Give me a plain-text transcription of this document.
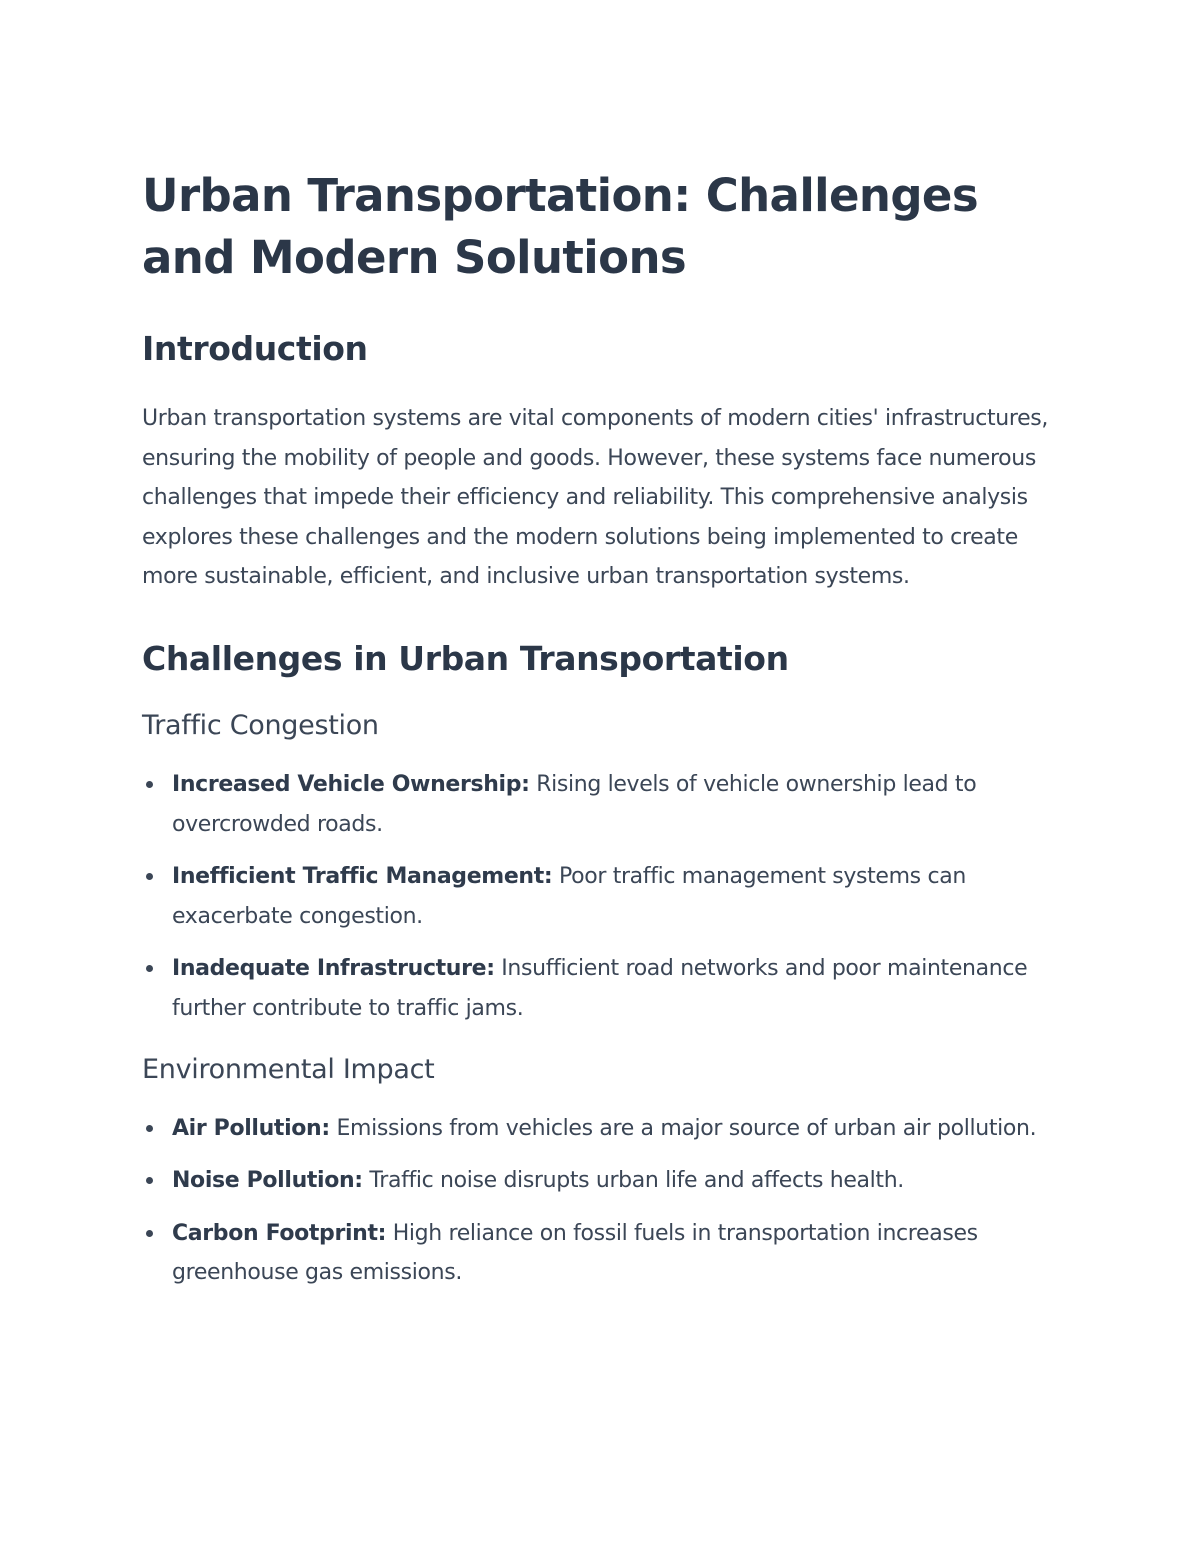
Urban Transportation: Challenges and Modern Solutions
Introduction

Urban transportation systems are vital components of modern cities' infrastructures, ensuring the mobility of people and goods. However, these systems face numerous challenges that impede their efficiency and reliability. This comprehensive analysis explores these challenges and the modern solutions being implemented to create more sustainable, efficient, and inclusive urban transportation systems.

Challenges in Urban Transportation
Traffic Congestion
Increased Vehicle Ownership: Rising levels of vehicle ownership lead to overcrowded roads.
Inefficient Traffic Management: Poor traffic management systems can exacerbate congestion.
Inadequate Infrastructure: Insufficient road networks and poor maintenance further contribute to traffic jams.
Environmental Impact
Air Pollution: Emissions from vehicles are a major source of urban air pollution.
Noise Pollution: Traffic noise disrupts urban life and affects health.
Carbon Footprint: High reliance on fossil fuels in transportation increases greenhouse gas emissions.
